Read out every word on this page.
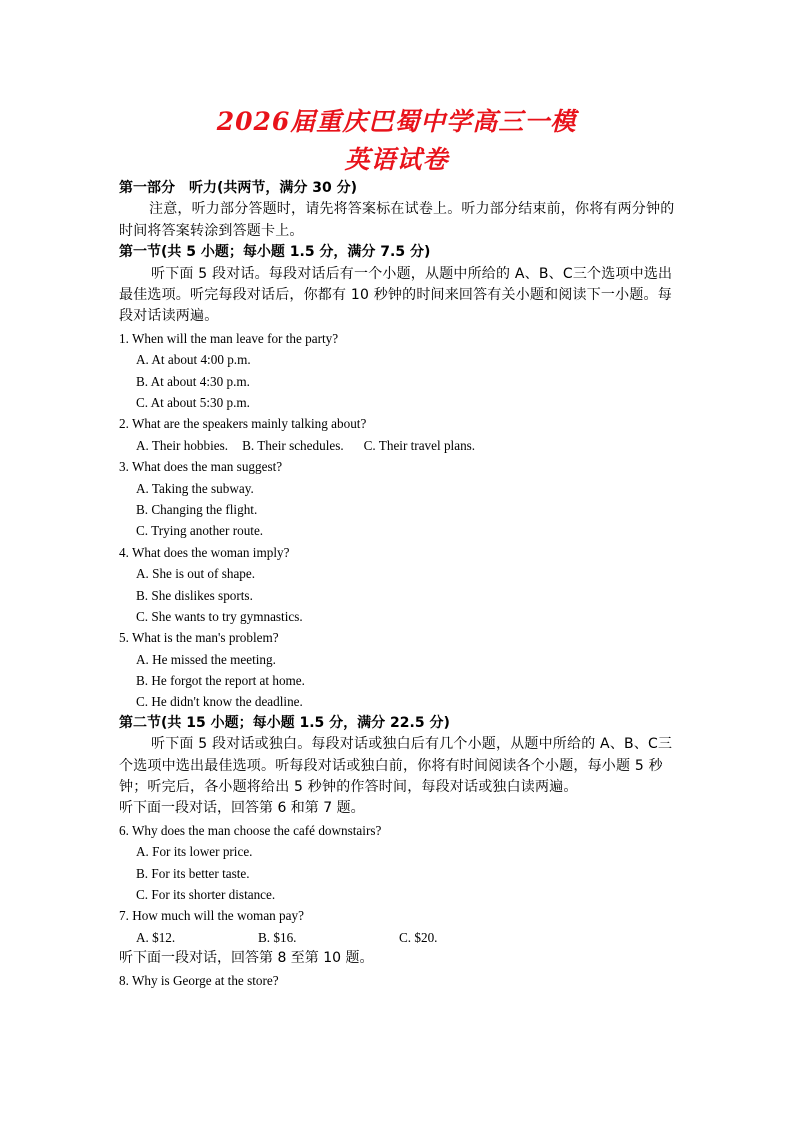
2026届重庆巴蜀中学高三一模
英语试卷
第一部分　听力(共两节，满分 30 分)
注意，听力部分答题时，请先将答案标在试卷上。听力部分结束前，你将有两分钟的时间将答案转涂到答题卡上。
第一节(共 5 小题；每小题 1.5 分，满分 7.5 分)
听下面 5 段对话。每段对话后有一个小题，从题中所给的 A、B、C三个选项中选出最佳选项。听完每段对话后，你都有 10 秒钟的时间来回答有关小题和阅读下一小题。每段对话读两遍。
1. When will the man leave for the party?
A. At about 4:00 p.m.
B. At about 4:30 p.m.
C. At about 5:30 p.m.
2. What are the speakers mainly talking about?
A. Their hobbies. B. Their schedules. C. Their travel plans.
3. What does the man suggest?
A. Taking the subway.
B. Changing the flight.
C. Trying another route.
4. What does the woman imply?
A. She is out of shape.
B. She dislikes sports.
C. She wants to try gymnastics.
5. What is the man's problem?
A. He missed the meeting.
B. He forgot the report at home.
C. He didn't know the deadline.
第二节(共 15 小题；每小题 1.5 分，满分 22.5 分)
听下面 5 段对话或独白。每段对话或独白后有几个小题，从题中所给的 A、B、C三个选项中选出最佳选项。听每段对话或独白前，你将有时间阅读各个小题，每小题 5 秒钟；听完后，各小题将给出 5 秒钟的作答时间，每段对话或独白读两遍。
听下面一段对话，回答第 6 和第 7 题。
6. Why does the man choose the café downstairs?
A. For its lower price.
B. For its better taste.
C. For its shorter distance.
7. How much will the woman pay?
A. $12.	B. $16.	C. $20.
听下面一段对话，回答第 8 至第 10 题。
8. Why is George at the store?
